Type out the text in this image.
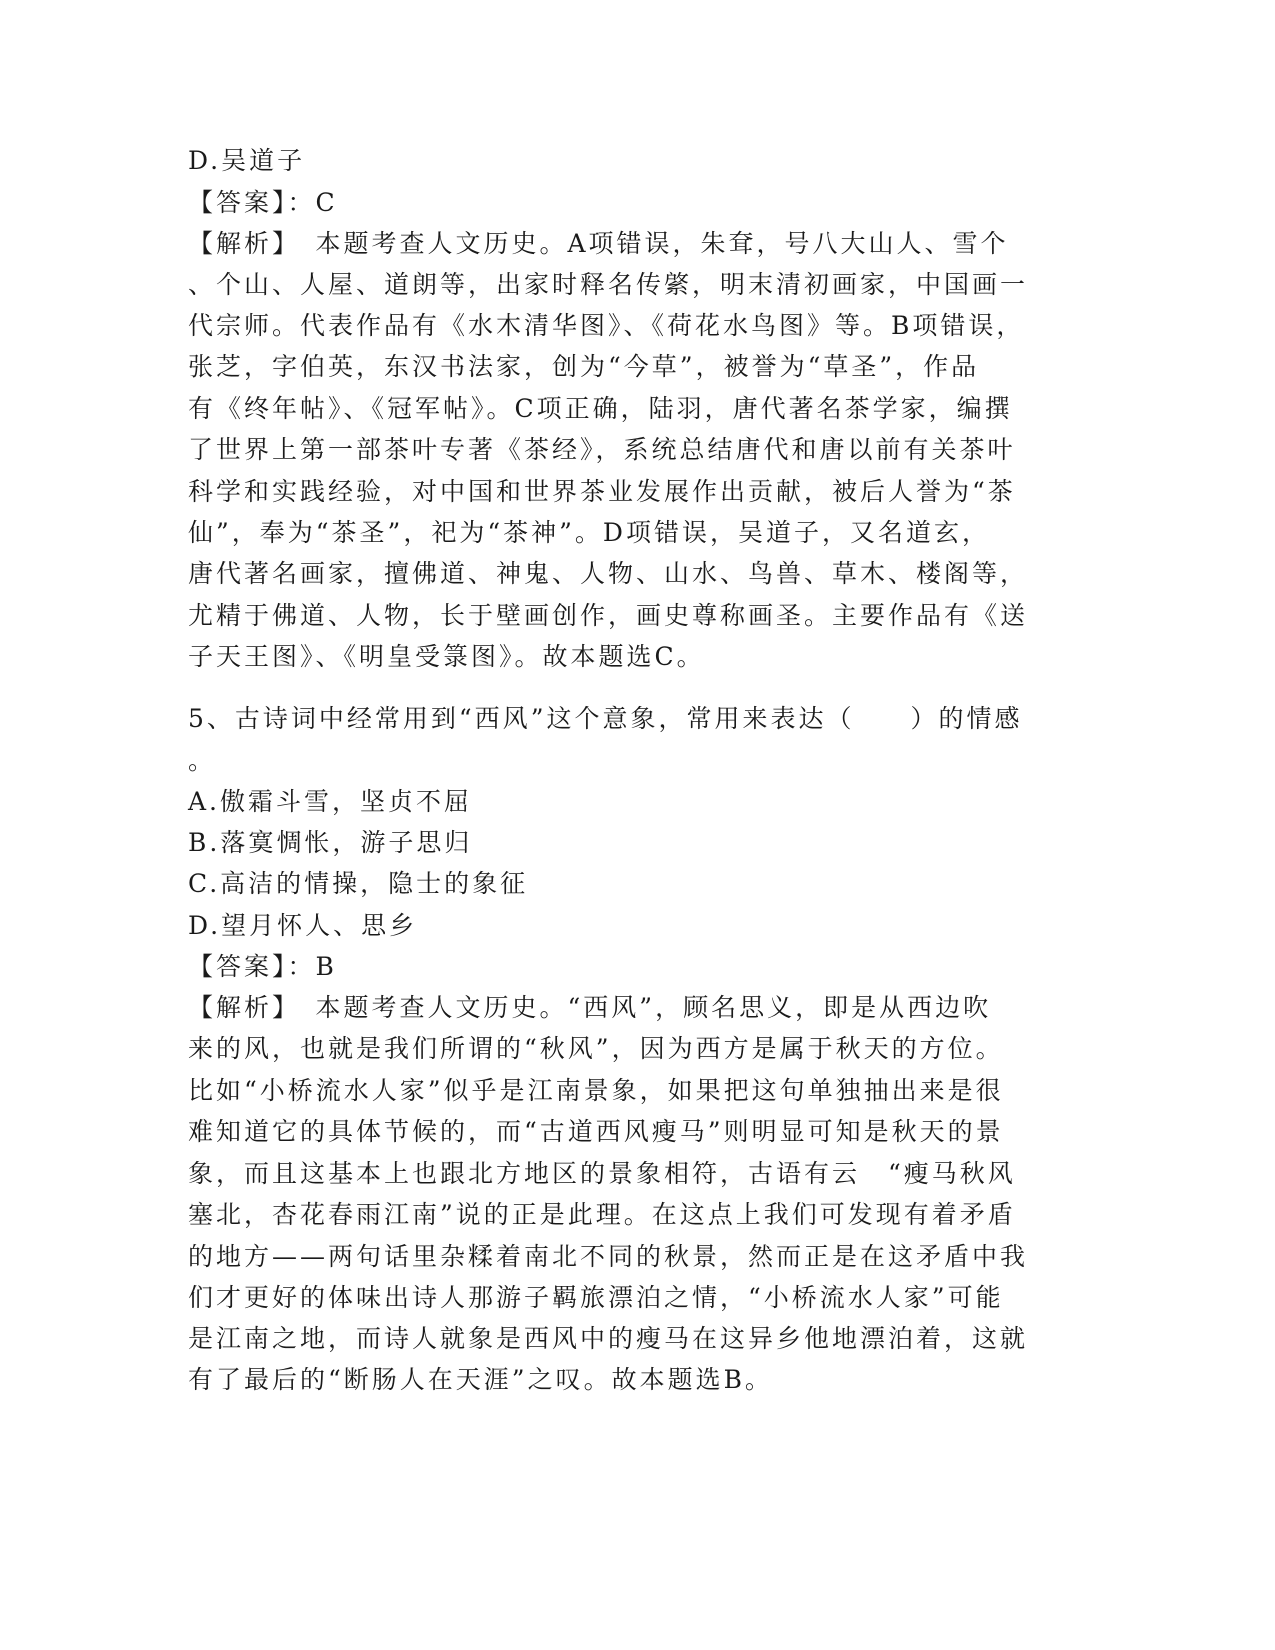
D.吴道子
【答案】：C
【解析】　本题考查人文历史。A项错误，朱耷，号八大山人、雪个
、个山、人屋、道朗等，出家时释名传綮，明末清初画家，中国画一
代宗师。代表作品有《水木清华图》、《荷花水鸟图》等。B项错误，
张芝，字伯英，东汉书法家，创为“今草”，被誉为“草圣”，作品
有《终年帖》、《冠军帖》。C项正确，陆羽，唐代著名茶学家，编撰
了世界上第一部茶叶专著《茶经》，系统总结唐代和唐以前有关茶叶
科学和实践经验，对中国和世界茶业发展作出贡献，被后人誉为“茶
仙”，奉为“茶圣”，祀为“茶神”。D项错误，吴道子，又名道玄，
唐代著名画家，擅佛道、神鬼、人物、山水、鸟兽、草木、楼阁等，
尤精于佛道、人物，长于壁画创作，画史尊称画圣。主要作品有《送
子天王图》、《明皇受箓图》。故本题选C。
5、古诗词中经常用到“西风”这个意象，常用来表达（　　）的情感
。
A.傲霜斗雪，坚贞不屈
B.落寞惆怅，游子思归
C.高洁的情操，隐士的象征
D.望月怀人、思乡
【答案】：B
【解析】　本题考查人文历史。“西风”，顾名思义，即是从西边吹
来的风，也就是我们所谓的“秋风”，因为西方是属于秋天的方位。
比如“小桥流水人家”似乎是江南景象，如果把这句单独抽出来是很
难知道它的具体节候的，而“古道西风瘦马”则明显可知是秋天的景
象，而且这基本上也跟北方地区的景象相符，古语有云　“瘦马秋风
塞北，杏花春雨江南”说的正是此理。在这点上我们可发现有着矛盾
的地方——两句话里杂糅着南北不同的秋景，然而正是在这矛盾中我
们才更好的体味出诗人那游子羁旅漂泊之情，“小桥流水人家”可能
是江南之地，而诗人就象是西风中的瘦马在这异乡他地漂泊着，这就
有了最后的“断肠人在天涯”之叹。故本题选B。
